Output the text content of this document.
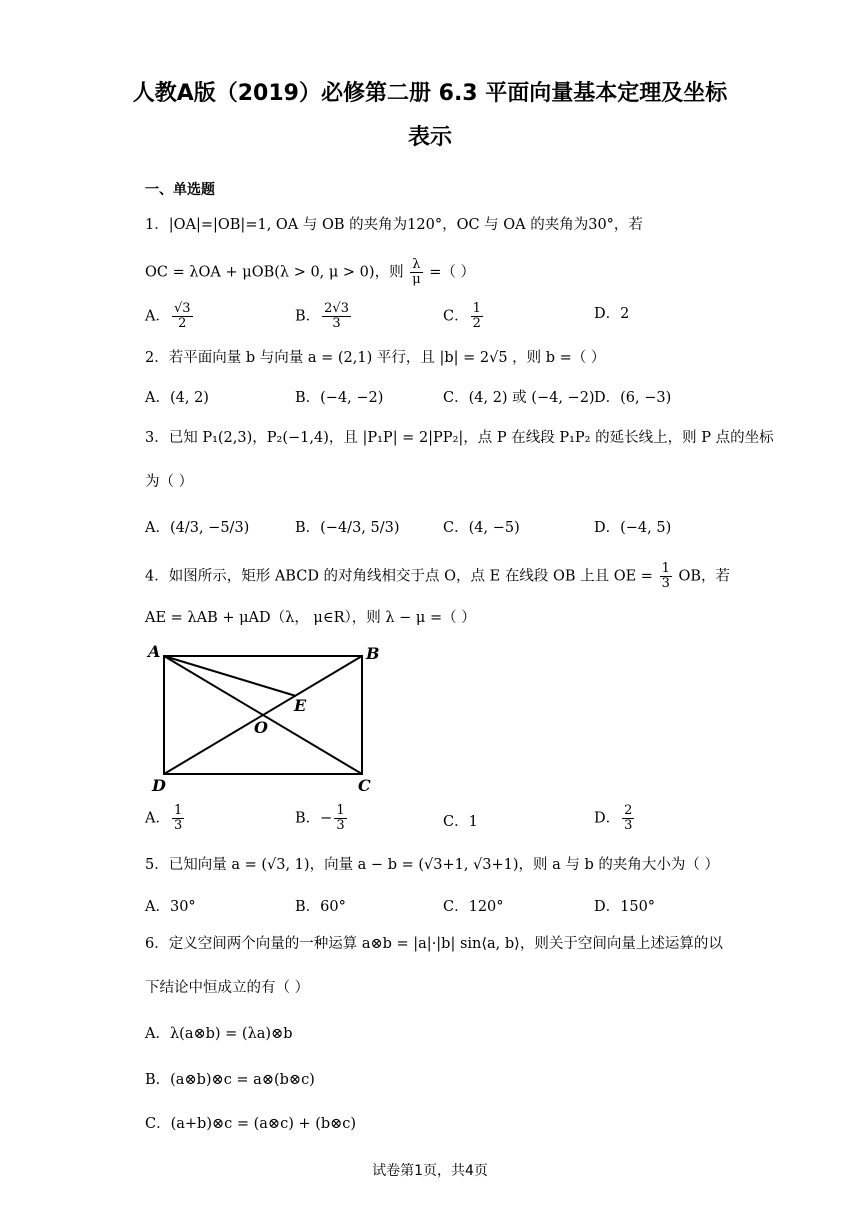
人教A版（2019）必修第二册 6.3 平面向量基本定理及坐标
表示
一、单选题
1．|OA|=|OB|=1, OA 与 OB 的夹角为120°，OC 与 OA 的夹角为30°，若
OC = λOA + μOB(λ > 0, μ > 0)，则 $\frac{\lambda}{\mu}$ =（ ）
A． $\frac{√3}{2}$	B． $\frac{2√3}{3}$	C． $\frac{1}{2}$	D．2
2．若平面向量 b 与向量 a = (2,1) 平行，且 |b| = 2√5 ，则 b =（ ）
A．(4, 2)	B．(−4, −2)	C．(4, 2) 或 (−4, −2) D．(6, −3)
3．已知 P₁(2,3)，P₂(−1,4)，且 |P₁P| = 2|PP₂|，点 P 在线段 P₁P₂ 的延长线上，则 P 点的坐标
为（ ）
A．(4/3, −5/3)	B．(−4/3, 5/3)	C．(4, −5)	D．(−4, 5)
4．如图所示，矩形 ABCD 的对角线相交于点 O，点 E 在线段 OB 上且 OE = $\frac{1}{3}$ OB，若
AE = λAB + μAD（λ， μ∈R），则 λ − μ =（ ）
A	B
C
D
O
E
A． $\frac{1}{3}$	B．− $\frac{1}{3}$	C．1	D． $\frac{2}{3}$
5．已知向量 a = (√3, 1)，向量 a − b = (√3+1, √3+1)，则 a 与 b 的夹角大小为（ ）
A．30°	B．60°	C．120°	D．150°
6．定义空间两个向量的一种运算 a⊗b = |a|·|b| sin⟨a, b⟩，则关于空间向量上述运算的以
下结论中恒成立的有（ ）
A．λ(a⊗b) = (λa)⊗b
B．(a⊗b)⊗c = a⊗(b⊗c)
C．(a+b)⊗c = (a⊗c) + (b⊗c)
试卷第1页，共4页
